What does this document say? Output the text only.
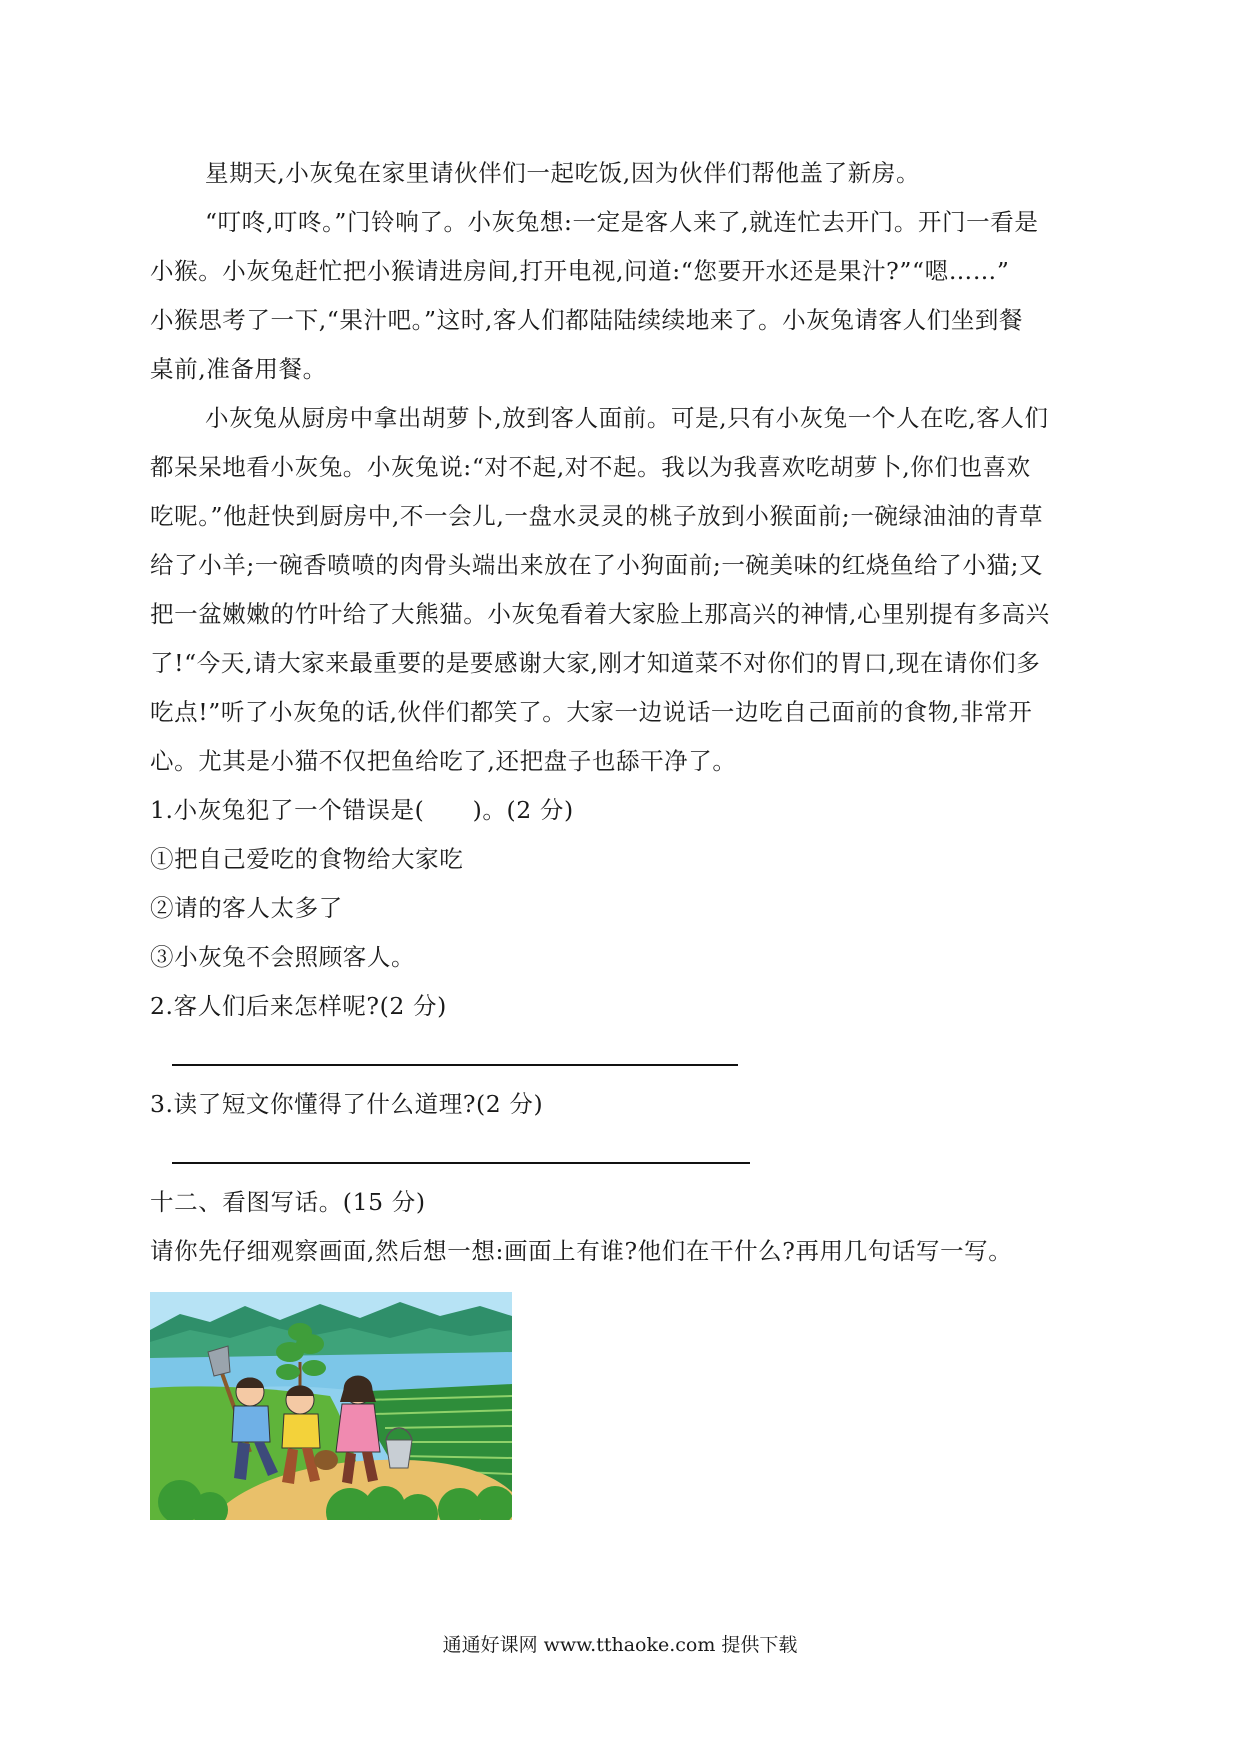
星期天,小灰兔在家里请伙伴们一起吃饭,因为伙伴们帮他盖了新房。
“叮咚,叮咚。”门铃响了。小灰兔想:一定是客人来了,就连忙去开门。开门一看是
小猴。小灰兔赶忙把小猴请进房间,打开电视,问道:“您要开水还是果汁?”“嗯……”
小猴思考了一下,“果汁吧。”这时,客人们都陆陆续续地来了。小灰兔请客人们坐到餐
桌前,准备用餐。
小灰兔从厨房中拿出胡萝卜,放到客人面前。可是,只有小灰兔一个人在吃,客人们
都呆呆地看小灰兔。小灰兔说:“对不起,对不起。我以为我喜欢吃胡萝卜,你们也喜欢
吃呢。”他赶快到厨房中,不一会儿,一盘水灵灵的桃子放到小猴面前;一碗绿油油的青草
给了小羊;一碗香喷喷的肉骨头端出来放在了小狗面前;一碗美味的红烧鱼给了小猫;又
把一盆嫩嫩的竹叶给了大熊猫。小灰兔看着大家脸上那高兴的神情,心里别提有多高兴
了!“今天,请大家来最重要的是要感谢大家,刚才知道菜不对你们的胃口,现在请你们多
吃点!”听了小灰兔的话,伙伴们都笑了。大家一边说话一边吃自己面前的食物,非常开
心。尤其是小猫不仅把鱼给吃了,还把盘子也舔干净了。
1.小灰兔犯了一个错误是(　　)。(2 分)
①把自己爱吃的食物给大家吃
②请的客人太多了
③小灰兔不会照顾客人。
2.客人们后来怎样呢?(2 分)
3.读了短文你懂得了什么道理?(2 分)
十二、看图写话。(15 分)
请你先仔细观察画面,然后想一想:画面上有谁?他们在干什么?再用几句话写一写。
通通好课网 www.tthaoke.com 提供下载
